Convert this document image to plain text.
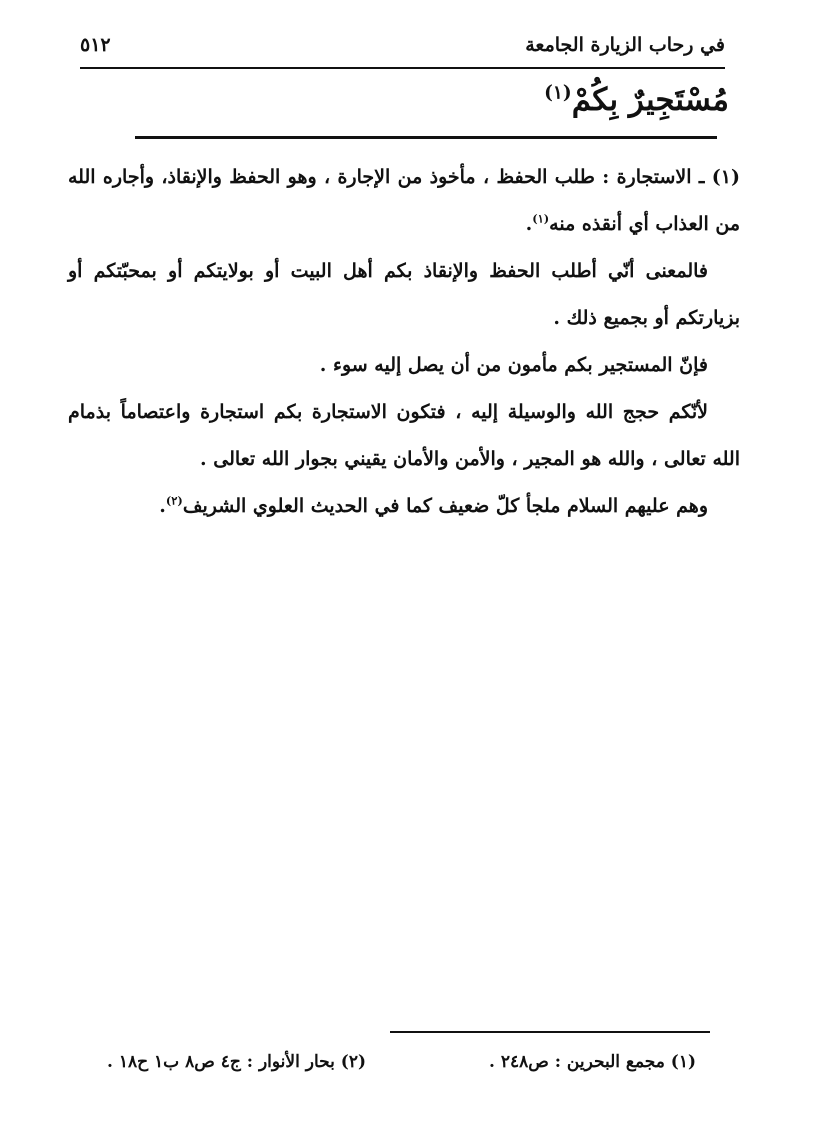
في رحاب الزيارة الجامعة
٥١٢
مُسْتَجِيرٌ بِكُمْ$^{(١)}$

(١) ـ الاستجارة : طلب الحفظ ، مأخوذ من الإجارة ، وهو الحفظ والإنقاذ، وأجاره الله من العذاب أي أنقذه منه$^{(١)}$.

فالمعنى أنّي أطلب الحفظ والإنقاذ بكم أهل البيت أو بولايتكم أو بمحبّتكم أو بزيارتكم أو بجميع ذلك .

فإنّ المستجير بكم مأمون من أن يصل إليه سوء .

لأنّكم حجج الله والوسيلة إليه ، فتكون الاستجارة بكم استجارة واعتصاماً بذمام الله تعالى ، والله هو المجير ، والأمن والأمان يقيني بجوار الله تعالى .

وهم عليهم السلام ملجأ كلّ ضعيف كما في الحديث العلوي الشريف$^{(٢)}$.

(١) مجمع البحرين : ص٢٤٨ .
(٢) بحار الأنوار : ج٤ ص٨ ب١ ح١٨ .
